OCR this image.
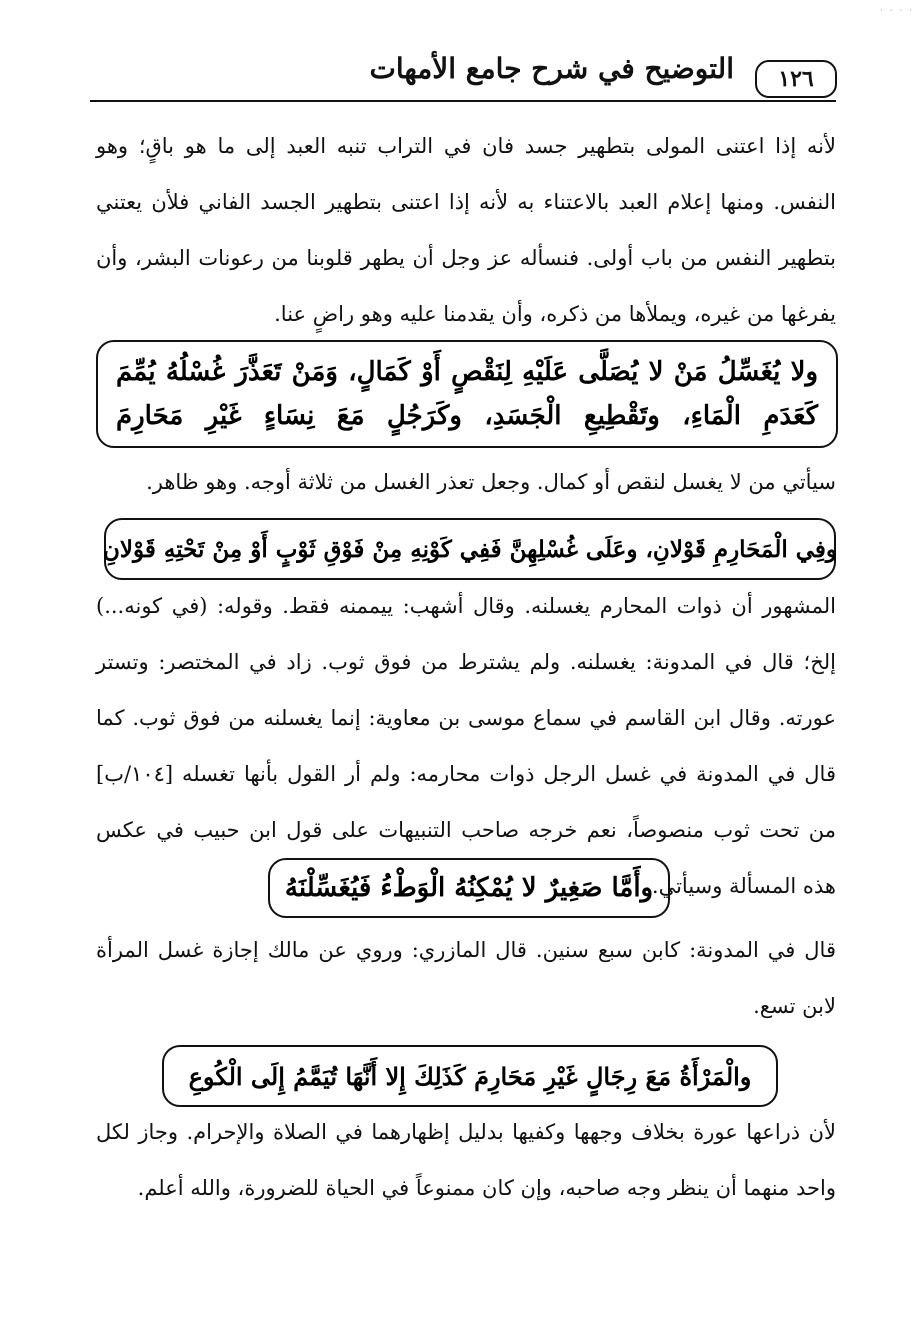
· · · ·
التوضيح في شرح جامع الأمهات	١٢٦
لأنه إذا اعتنى المولى بتطهير جسد فان في التراب تنبه العبد إلى ما هو باقٍ؛ وهو النفس. ومنها إعلام العبد بالاعتناء به لأنه إذا اعتنى بتطهير الجسد الفاني فلأن يعتني بتطهير النفس من باب أولى. فنسأله عز وجل أن يطهر قلوبنا من رعونات البشر، وأن يفرغها من غيره، ويملأها من ذكره، وأن يقدمنا عليه وهو راضٍ عنا.
ولا يُغَسِّلُ مَنْ لا يُصَلَّى عَلَيْهِ لِنَقْصٍ أَوْ كَمَالٍ، وَمَنْ تَعَذَّرَ غُسْلُهُ يُمِّمَ كَعَدَمِ الْمَاءِ، وتَقْطِيعِ الْجَسَدِ، وكَرَجُلٍ مَعَ نِسَاءٍ غَيْرِ مَحَارِمَ
سيأتي من لا يغسل لنقص أو كمال. وجعل تعذر الغسل من ثلاثة أوجه. وهو ظاهر.
وفِي الْمَحَارِمِ قَوْلانِ، وعَلَى غُسْلِهِنَّ فَفِي كَوْنِهِ مِنْ فَوْقِ ثَوْبٍ أَوْ مِنْ تَحْتِهِ قَوْلانِ
المشهور أن ذوات المحارم يغسلنه. وقال أشهب: ييممنه فقط. وقوله: (في كونه...) إلخ؛ قال في المدونة: يغسلنه. ولم يشترط من فوق ثوب. زاد في المختصر: وتستر عورته. وقال ابن القاسم في سماع موسى بن معاوية: إنما يغسلنه من فوق ثوب. كما قال في المدونة في غسل الرجل ذوات محارمه: ولم أر القول بأنها تغسله [١٠٤/ب] من تحت ثوب منصوصاً، نعم خرجه صاحب التنبيهات على قول ابن حبيب في عكس هذه المسألة وسيأتي.
وأَمَّا صَغِيرٌ لا يُمْكِنُهُ الْوَطْءُ فَيُغَسِّلْنَهُ
قال في المدونة: كابن سبع سنين. قال المازري: وروي عن مالك إجازة غسل المرأة لابن تسع.
والْمَرْأَةُ مَعَ رِجَالٍ غَيْرِ مَحَارِمَ كَذَلِكَ إِلا أَنَّهَا تُيَمَّمُ إِلَى الْكُوعِ
لأن ذراعها عورة بخلاف وجهها وكفيها بدليل إظهارهما في الصلاة والإحرام. وجاز لكل واحد منهما أن ينظر وجه صاحبه، وإن كان ممنوعاً في الحياة للضرورة، والله أعلم.
